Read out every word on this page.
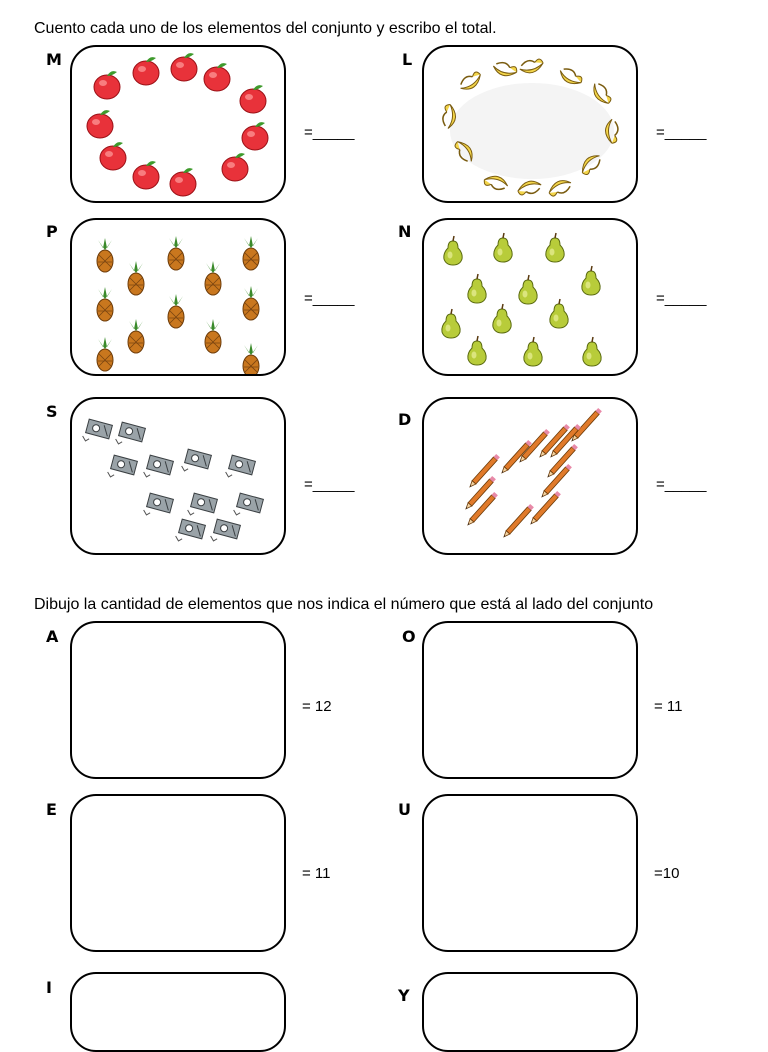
Cuento cada uno de los elementos del conjunto y escribo el total.
M
=_____
L
=_____
P
=_____
N
=_____
S
=_____
D
=_____
Dibujo la cantidad de elementos que nos indica el número que está al lado del conjunto
A
= 12
O
= 11
E
= 11
U
=10
I	Y
